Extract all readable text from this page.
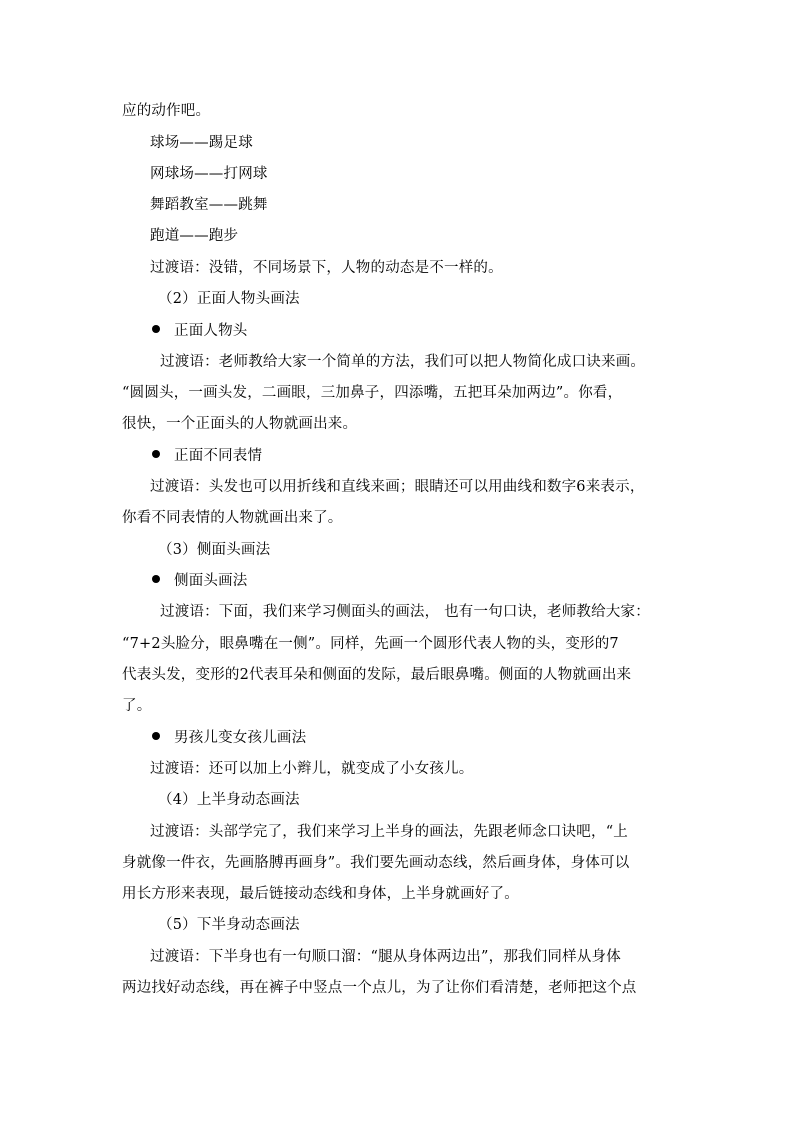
应的动作吧。
球场——踢足球
网球场——打网球
舞蹈教室——跳舞
跑道——跑步
过渡语：没错，不同场景下，人物的动态是不一样的。
（2）正面人物头画法
正面人物头
过渡语：老师教给大家一个简单的方法，我们可以把人物简化成口诀来画。
“圆圆头，一画头发，二画眼，三加鼻子，四添嘴，五把耳朵加两边”。你看，
很快，一个正面头的人物就画出来。
正面不同表情
过渡语：头发也可以用折线和直线来画；眼睛还可以用曲线和数字6来表示，
你看不同表情的人物就画出来了。
（3）侧面头画法
侧面头画法
过渡语：下面，我们来学习侧面头的画法， 也有一句口诀，老师教给大家：
“7+2头脸分，眼鼻嘴在一侧”。同样，先画一个圆形代表人物的头，变形的7
代表头发，变形的2代表耳朵和侧面的发际，最后眼鼻嘴。侧面的人物就画出来
了。
男孩儿变女孩儿画法
过渡语：还可以加上小辫儿，就变成了小女孩儿。
（4）上半身动态画法
过渡语：头部学完了，我们来学习上半身的画法，先跟老师念口诀吧，“上
身就像一件衣，先画胳膊再画身”。我们要先画动态线，然后画身体，身体可以
用长方形来表现，最后链接动态线和身体，上半身就画好了。
（5）下半身动态画法
过渡语：下半身也有一句顺口溜：“腿从身体两边出”，那我们同样从身体
两边找好动态线，再在裤子中竖点一个点儿，为了让你们看清楚，老师把这个点
